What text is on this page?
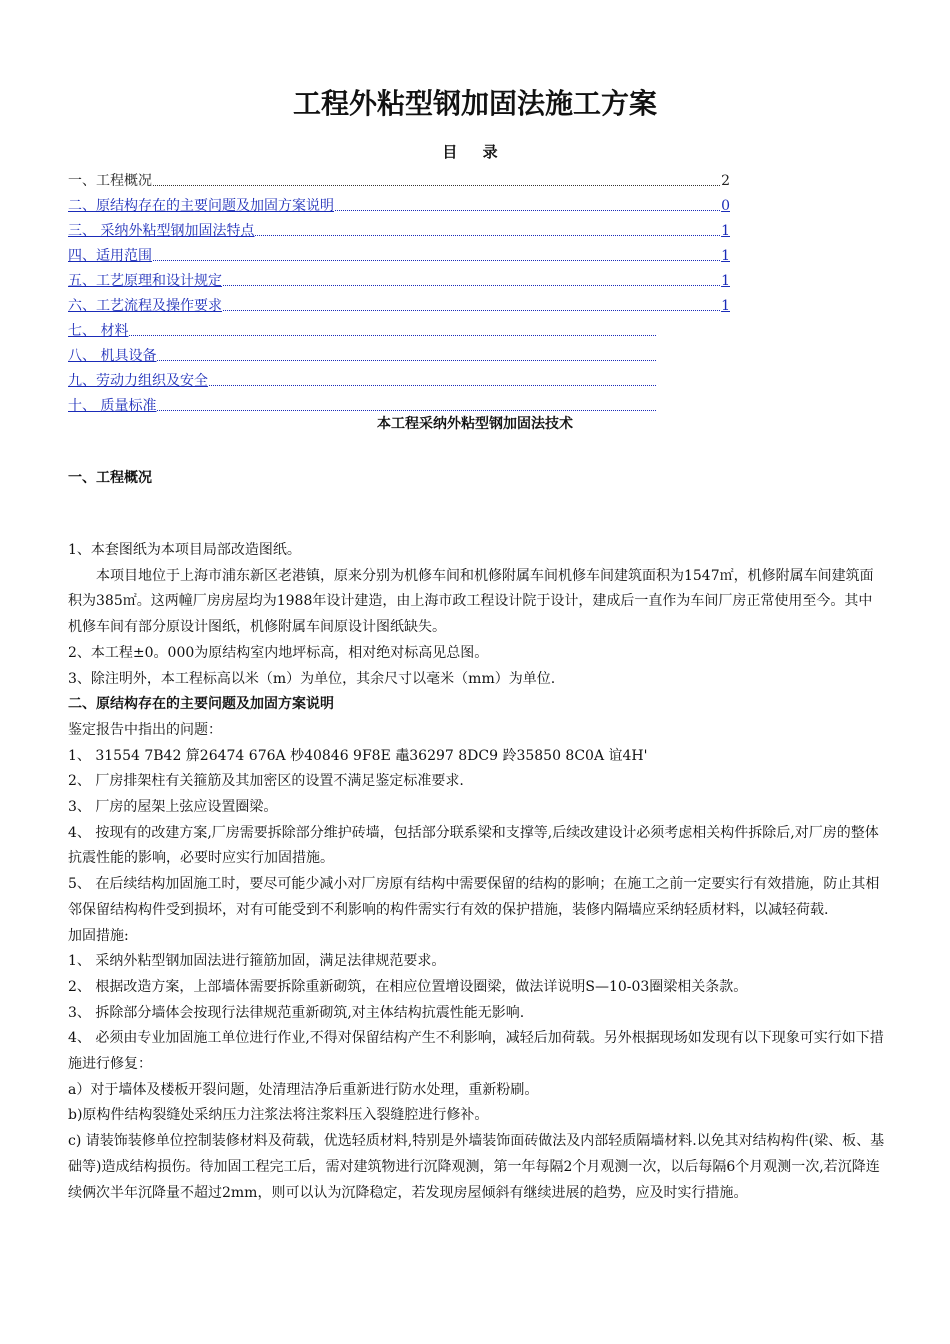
工程外粘型钢加固法施工方案
目 录
一、工程概况	2
二、原结构存在的主要问题及加固方案说明	0
三、 采纳外粘型钢加固法特点	1
四、适用范围	1
五、工艺原理和设计规定	1
六、工艺流程及操作要求	1
七、 材料
八、 机具设备
九、劳动力组织及安全
十、 质量标准
本工程采纳外粘型钢加固法技术
一、工程概况

1、本套图纸为本项目局部改造图纸。

本项目地位于上海市浦东新区老港镇，原来分别为机修车间和机修附属车间机修车间建筑面积为1547㎡，机修附属车间建筑面积为385㎡。这两幢厂房房屋均为1988年设计建造，由上海市政工程设计院于设计，建成后一直作为车间厂房正常使用至今。其中机修车间有部分原设计图纸，机修附属车间原设计图纸缺失。

2、本工程±0。000为原结构室内地坪标高，相对绝对标高见总图。

3、除注明外，本工程标高以米（m）为单位，其余尺寸以毫米（mm）为单位.

二、原结构存在的主要问题及加固方案说明

鉴定报告中指出的问题：

1、 31554 7B42 箳26474 676A 杪40846 9F8E 鼃36297 8DC9 跉35850 8C0A 谊4H'

2、 厂房排架柱有关箍筋及其加密区的设置不满足鉴定标准要求.

3、 厂房的屋架上弦应设置圈梁。

4、 按现有的改建方案,厂房需要拆除部分维护砖墙，包括部分联系梁和支撑等,后续改建设计必须考虑相关构件拆除后,对厂房的整体抗震性能的影响，必要时应实行加固措施。

5、 在后续结构加固施工时，要尽可能少减小对厂房原有结构中需要保留的结构的影响；在施工之前一定要实行有效措施，防止其相邻保留结构构件受到损坏，对有可能受到不利影响的构件需实行有效的保护措施，装修内隔墙应采纳轻质材料，以减轻荷载.

加固措施:

1、 采纳外粘型钢加固法进行箍筋加固，满足法律规范要求。

2、 根据改造方案，上部墙体需要拆除重新砌筑，在相应位置增设圈梁，做法详说明S—10-03圈梁相关条款。

3、 拆除部分墙体会按现行法律规范重新砌筑,对主体结构抗震性能无影响.

4、 必须由专业加固施工单位进行作业,不得对保留结构产生不利影响，减轻后加荷载。另外根据现场如发现有以下现象可实行如下措施进行修复：

a）对于墙体及楼板开裂问题，处清理洁净后重新进行防水处理，重新粉刷。

b)原构件结构裂缝处采纳压力注浆法将注浆料压入裂缝腔进行修补。

c) 请装饰装修单位控制装修材料及荷载，优选轻质材料,特别是外墙装饰面砖做法及内部轻质隔墙材料.以免其对结构构件(梁、板、基础等)造成结构损伤。待加固工程完工后，需对建筑物进行沉降观测，第一年每隔2个月观测一次，以后每隔6个月观测一次,若沉降连续俩次半年沉降量不超过2mm，则可以认为沉降稳定，若发现房屋倾斜有继续进展的趋势，应及时实行措施。
